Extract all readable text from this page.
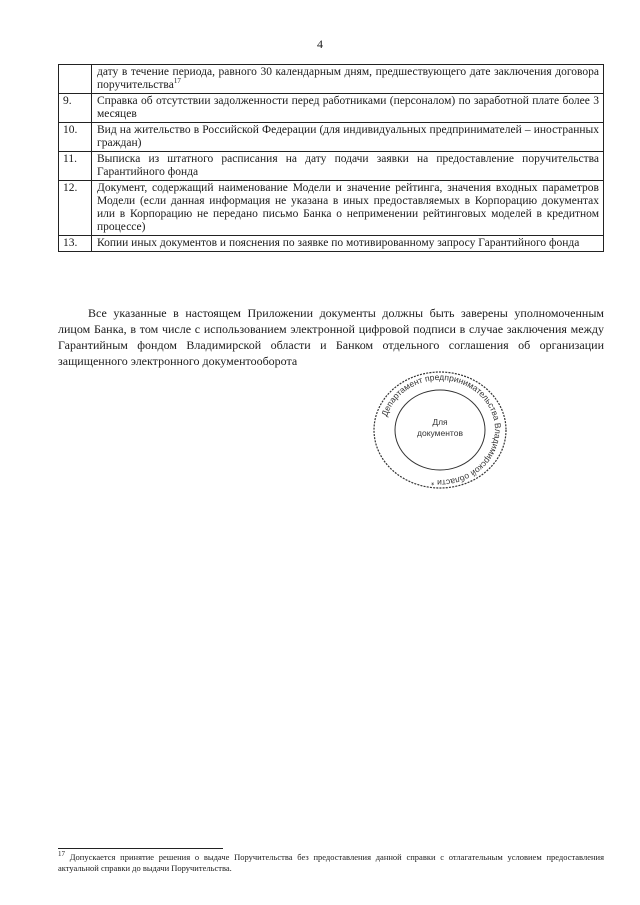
4
	дату в течение периода, равного 30 календарным дням, предшествующего дате заключения договора поручительства$^{17}$
9.	Справка об отсутствии задолженности перед работниками (персоналом) по заработной плате более 3 месяцев
10.	Вид на жительство в Российской Федерации (для индивидуальных предпринимателей – иностранных граждан)
11.	Выписка из штатного расписания на дату подачи заявки на предоставление поручительства Гарантийного фонда
12.	Документ, содержащий наименование Модели и значение рейтинга, значения входных параметров Модели (если данная информация не указана в иных предоставляемых в Корпорацию документах или в Корпорацию не передано письмо Банка о неприменении рейтинговых моделей в кредитном процессе)
13.	Копии иных документов и пояснения по заявке по мотивированному запросу Гарантийного фонда

Все указанные в настоящем Приложении документы должны быть заверены уполномоченным лицом Банка, в том числе с использованием электронной цифровой подписи в случае заключения между Гарантийным фондом Владимирской области и Банком отдельного соглашения об организации защищенного электронного документооборота

Департамент предпринимательства Владимирской области *
Для
документов

$^{17}$ Допускается принятие решения о выдаче Поручительства без предоставления данной справки с отлагательным условием предоставления актуальной справки до выдачи Поручительства.
